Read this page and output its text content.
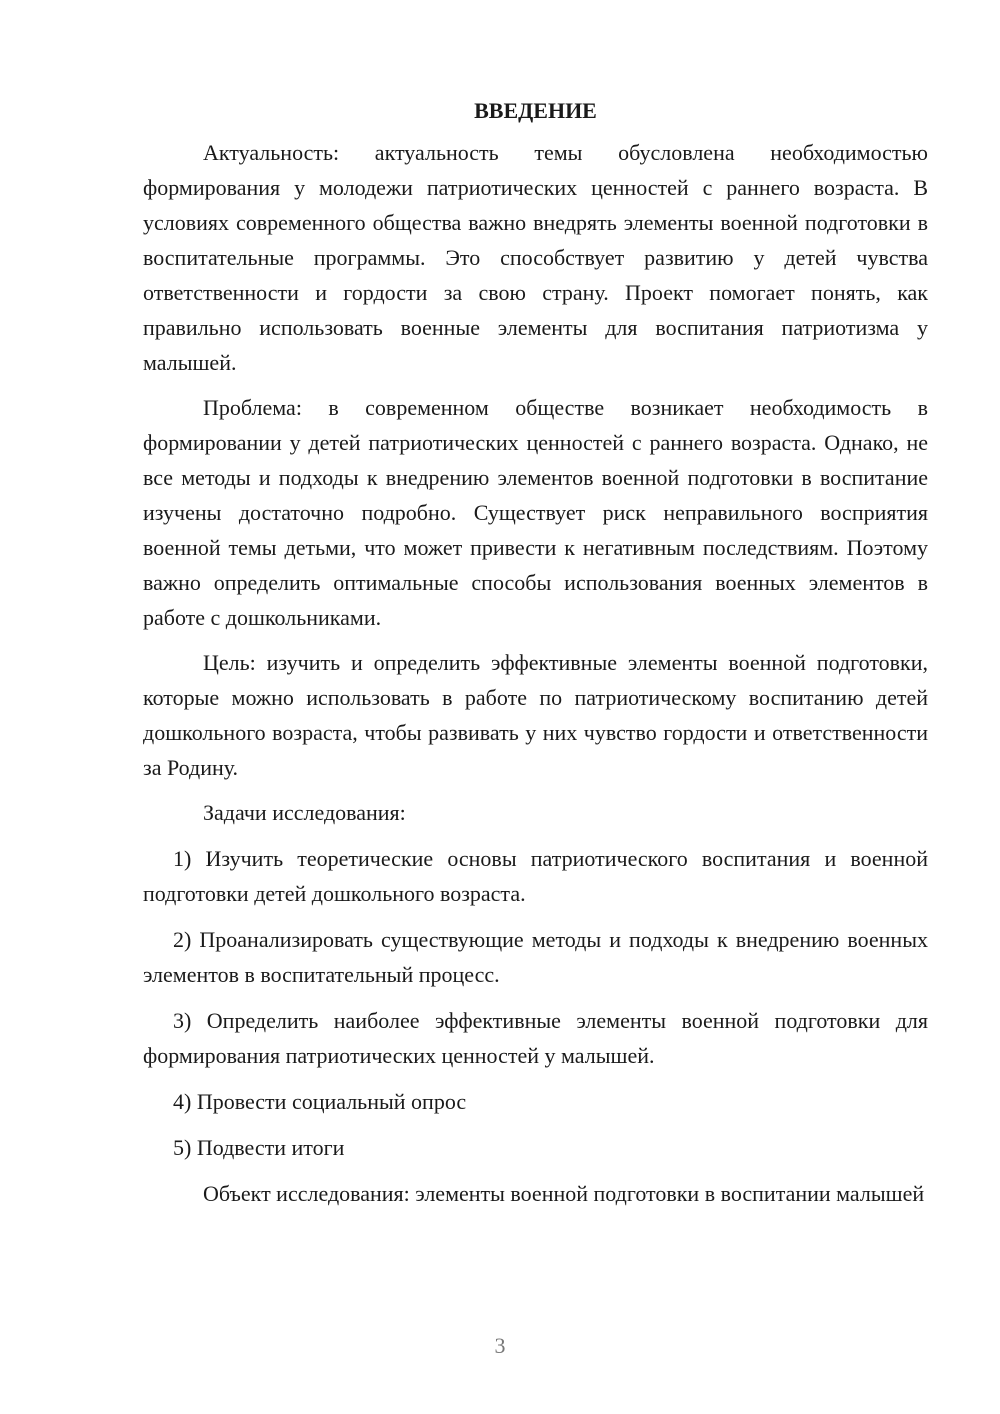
ВВЕДЕНИЕ

Актуальность: актуальность темы обусловлена необходимостью формирования у молодежи патриотических ценностей с раннего возраста. В условиях современного общества важно внедрять элементы военной подготовки в воспитательные программы. Это способствует развитию у детей чувства ответственности и гордости за свою страну. Проект помогает понять, как правильно использовать военные элементы для воспитания патриотизма у малышей.

Проблема: в современном обществе возникает необходимость в формировании у детей патриотических ценностей с раннего возраста. Однако, не все методы и подходы к внедрению элементов военной подготовки в воспитание изучены достаточно подробно. Существует риск неправильного восприятия военной темы детьми, что может привести к негативным последствиям. Поэтому важно определить оптимальные способы использования военных элементов в работе с дошкольниками.

Цель: изучить и определить эффективные элементы военной подготовки, которые можно использовать в работе по патриотическому воспитанию детей дошкольного возраста, чтобы развивать у них чувство гордости и ответственности за Родину.

Задачи исследования:

1) Изучить теоретические основы патриотического воспитания и военной подготовки детей дошкольного возраста.

2) Проанализировать существующие методы и подходы к внедрению военных элементов в воспитательный процесс.

3) Определить наиболее эффективные элементы военной подготовки для формирования патриотических ценностей у малышей.

4) Провести социальный опрос

5) Подвести итоги

Объект исследования: элементы военной подготовки в воспитании малышей

3
